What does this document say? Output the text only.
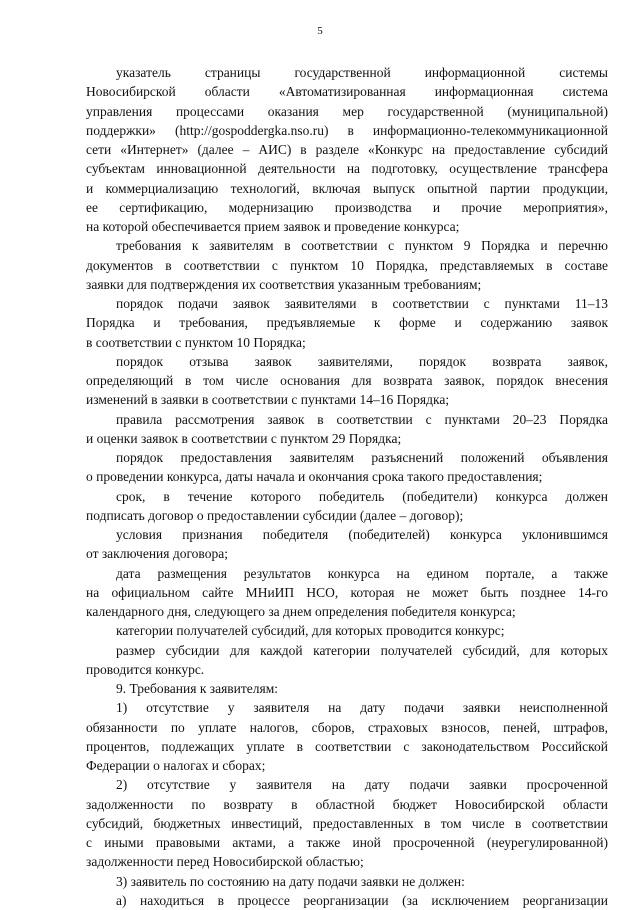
5
указатель страницы государственной информационной системы
Новосибирской области «Автоматизированная информационная система
управления процессами оказания мер государственной (муниципальной)
поддержки» (http://gospoddergka.nso.ru) в информационно-телекоммуникационной
сети «Интернет» (далее – АИС) в разделе «Конкурс на предоставление субсидий
субъектам инновационной деятельности на подготовку, осуществление трансфера
и коммерциализацию технологий, включая выпуск опытной партии продукции,
ее сертификацию, модернизацию производства и прочие мероприятия»,
на которой обеспечивается прием заявок и проведение конкурса;
требования к заявителям в соответствии с пунктом 9 Порядка и перечню
документов в соответствии с пунктом 10 Порядка, представляемых в составе
заявки для подтверждения их соответствия указанным требованиям;
порядок подачи заявок заявителями в соответствии с пунктами 11–13
Порядка и требования, предъявляемые к форме и содержанию заявок
в соответствии с пунктом 10 Порядка;
порядок отзыва заявок заявителями, порядок возврата заявок,
определяющий в том числе основания для возврата заявок, порядок внесения
изменений в заявки в соответствии с пунктами 14–16 Порядка;
правила рассмотрения заявок в соответствии с пунктами 20–23 Порядка
и оценки заявок в соответствии с пунктом 29 Порядка;
порядок предоставления заявителям разъяснений положений объявления
о проведении конкурса, даты начала и окончания срока такого предоставления;
срок, в течение которого победитель (победители) конкурса должен
подписать договор о предоставлении субсидии (далее – договор);
условия признания победителя (победителей) конкурса уклонившимся
от заключения договора;
дата размещения результатов конкурса на едином портале, а также
на официальном сайте МНиИП НСО, которая не может быть позднее 14-го
календарного дня, следующего за днем определения победителя конкурса;
категории получателей субсидий, для которых проводится конкурс;
размер субсидии для каждой категории получателей субсидий, для которых
проводится конкурс.
9. Требования к заявителям:
1) отсутствие у заявителя на дату подачи заявки неисполненной
обязанности по уплате налогов, сборов, страховых взносов, пеней, штрафов,
процентов, подлежащих уплате в соответствии с законодательством Российской
Федерации о налогах и сборах;
2) отсутствие у заявителя на дату подачи заявки просроченной
задолженности по возврату в областной бюджет Новосибирской области
субсидий, бюджетных инвестиций, предоставленных в том числе в соответствии
с иными правовыми актами, а также иной просроченной (неурегулированной)
задолженности перед Новосибирской областью;
3) заявитель по состоянию на дату подачи заявки не должен:
а) находиться в процессе реорганизации (за исключением реорганизации
